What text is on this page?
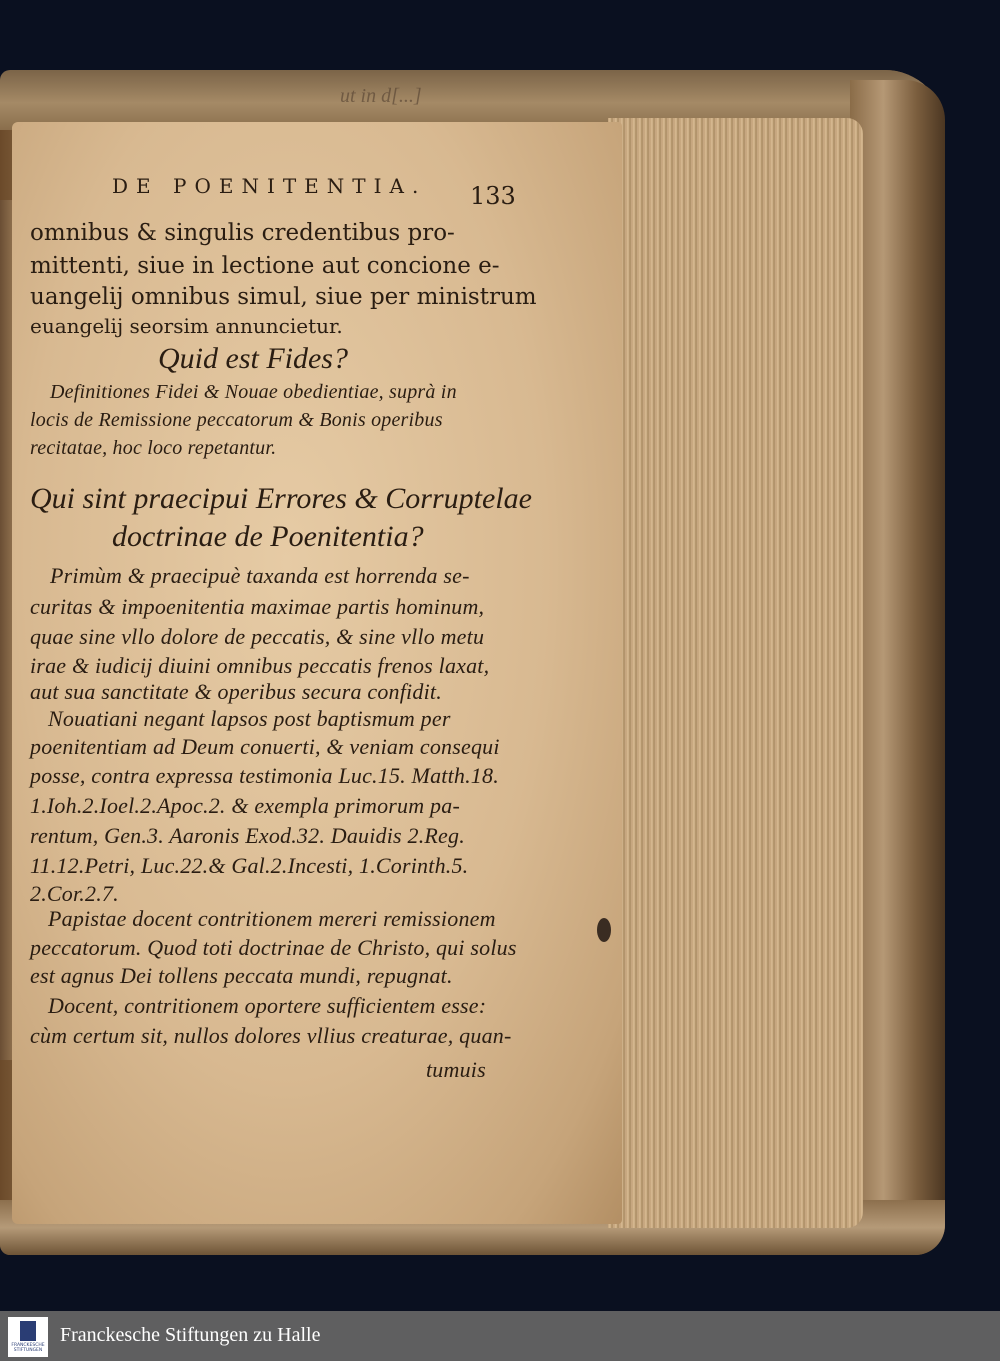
ut in d[...]
DE POENITENTIA. 133
omnibus & singulis credentibus pro-
mittenti, siue in lectione aut concione e-
uangelij omnibus simul, siue per ministrum
euangelij seorsim annuncietur.
Quid est Fides?
Definitiones Fidei & Nouae obedientiae, suprà in
locis de Remissione peccatorum & Bonis operibus
recitatae, hoc loco repetantur.
Qui sint praecipui Errores & Corruptelae
doctrinae de Poenitentia?
Primùm & praecipuè taxanda est horrenda se-
curitas & impoenitentia maximae partis hominum,
quae sine vllo dolore de peccatis, & sine vllo metu
irae & iudicij diuini omnibus peccatis frenos laxat,
aut sua sanctitate & operibus secura confidit.
Nouatiani negant lapsos post baptismum per
poenitentiam ad Deum conuerti, & veniam consequi
posse, contra expressa testimonia Luc.15. Matth.18.
1.Ioh.2.Ioel.2.Apoc.2. & exempla primorum pa-
rentum, Gen.3. Aaronis Exod.32. Dauidis 2.Reg.
11.12.Petri, Luc.22.& Gal.2.Incesti, 1.Corinth.5.
2.Cor.2.7.
Papistae docent contritionem mereri remissionem
peccatorum. Quod toti doctrinae de Christo, qui solus
est agnus Dei tollens peccata mundi, repugnat.
Docent, contritionem oportere sufficientem esse:
cùm certum sit, nullos dolores vllius creaturae, quan-
tumuis
FRANCKESCHE STIFTUNGEN
Franckesche Stiftungen zu Halle
